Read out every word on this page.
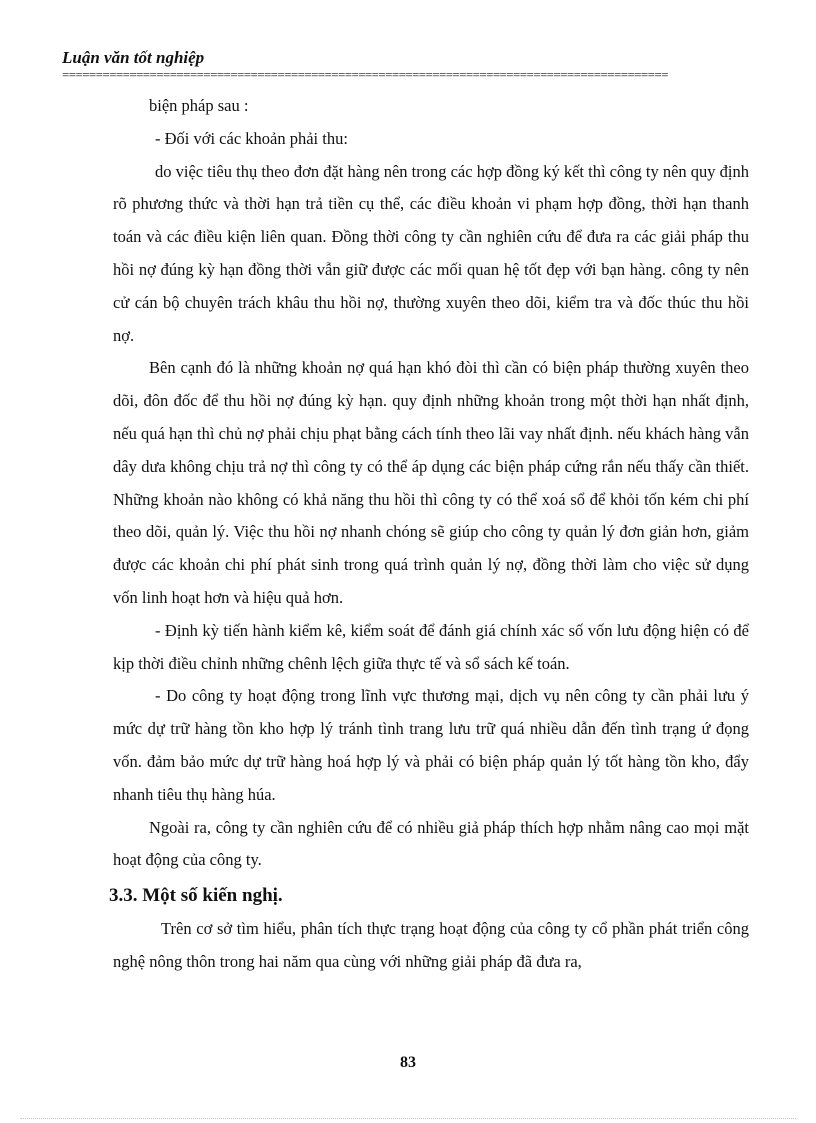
Luận văn tốt nghiệp
==========================================================================================

biện pháp sau :

- Đối với các khoản phải thu:

do việc tiêu thụ theo đơn đặt hàng nên trong các hợp đồng ký kết thì công ty nên quy định rõ phương thức và thời hạn trả tiền cụ thể, các điều khoản vi phạm hợp đồng, thời hạn thanh toán và các điều kiện liên quan. Đồng thời công ty cần nghiên cứu để đưa ra các giải pháp thu hồi nợ đúng kỳ hạn đồng thời vẫn giữ được các mối quan hệ tốt đẹp với bạn hàng. công ty nên cử cán bộ chuyên trách khâu thu hồi nợ, thường xuyên theo dõi, kiểm tra và đốc thúc thu hồi nợ.

Bên cạnh đó là những khoản nợ quá hạn khó đòi thì cần có biện pháp thường xuyên theo dõi, đôn đốc để thu hồi nợ đúng kỳ hạn. quy định những khoản trong một thời hạn nhất định, nếu quá hạn thì chủ nợ phải chịu phạt bằng cách tính theo lãi vay nhất định. nếu khách hàng vẫn dây dưa không chịu trả nợ thì công ty có thể áp dụng các biện pháp cứng rắn nếu thấy cần thiết. Những khoản nào không có khả năng thu hồi thì công ty có thể xoá sổ để khỏi tốn kém chi phí theo dõi, quản lý. Việc thu hồi nợ nhanh chóng sẽ giúp cho công ty quản lý đơn giản hơn, giảm được các khoản chi phí phát sinh trong quá trình quản lý nợ, đồng thời làm cho việc sử dụng vốn linh hoạt hơn và hiệu quả hơn.

- Định kỳ tiến hành kiểm kê, kiểm soát để đánh giá chính xác số vốn lưu động hiện có để kịp thời điều chỉnh những chênh lệch giữa thực tế và sổ sách kế toán.

- Do công ty hoạt động trong lĩnh vực thương mại, dịch vụ nên công ty cần phải lưu ý mức dự trữ hàng tồn kho hợp lý tránh tình trang lưu trữ quá nhiều dẫn đến tình trạng ứ đọng vốn. đảm bảo mức dự trữ hàng hoá hợp lý và phải có biện pháp quản lý tốt hàng tồn kho, đẩy nhanh tiêu thụ hàng húa.

Ngoài ra, công ty cần nghiên cứu để có nhiều giả pháp thích hợp nhằm nâng cao mọi mặt hoạt động của công ty.

3.3. Một số kiến nghị.

Trên cơ sở tìm hiểu, phân tích thực trạng hoạt động của công ty cổ phần phát triển công nghệ nông thôn trong hai năm qua cùng với những giải pháp đã đưa ra,

83
